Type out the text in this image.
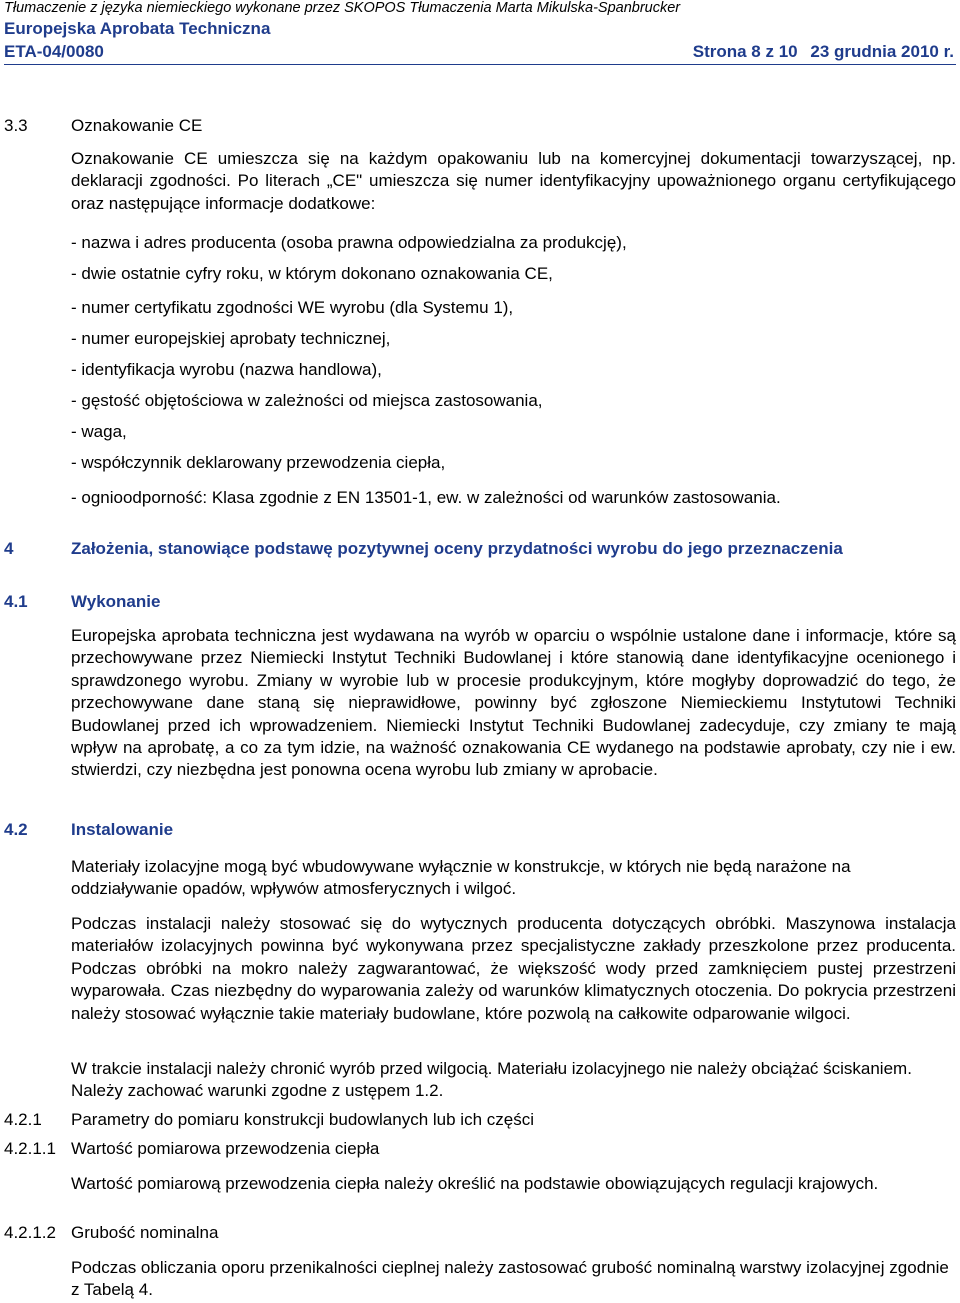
Tłumaczenie z języka niemieckiego wykonane przez SKOPOS Tłumaczenia Marta Mikulska-Spanbrucker
Europejska Aprobata Techniczna
ETA-04/0080	Strona 8 z 10 23 grudnia 2010 r.
3.3	Oznakowanie CE
Oznakowanie CE umieszcza się na każdym opakowaniu lub na komercyjnej dokumentacji towarzyszącej, np. deklaracji zgodności. Po literach „CE" umieszcza się numer identyfikacyjny upoważnionego organu certyfikującego oraz następujące informacje dodatkowe:
- nazwa i adres producenta (osoba prawna odpowiedzialna za produkcję),
- dwie ostatnie cyfry roku, w którym dokonano oznakowania CE,
- numer certyfikatu zgodności WE wyrobu (dla Systemu 1),
- numer europejskiej aprobaty technicznej,
- identyfikacja wyrobu (nazwa handlowa),
- gęstość objętościowa w zależności od miejsca zastosowania,
- waga,
- współczynnik deklarowany przewodzenia ciepła,
- ognioodporność: Klasa zgodnie z EN 13501-1, ew. w zależności od warunków zastosowania.
4	Założenia, stanowiące podstawę pozytywnej oceny przydatności wyrobu do jego przeznaczenia
4.1	Wykonanie
Europejska aprobata techniczna jest wydawana na wyrób w oparciu o wspólnie ustalone dane i informacje, które są przechowywane przez Niemiecki Instytut Techniki Budowlanej i które stanowią dane identyfikacyjne ocenionego i sprawdzonego wyrobu. Zmiany w wyrobie lub w procesie produkcyjnym, które mogłyby doprowadzić do tego, że przechowywane dane staną się nieprawidłowe, powinny być zgłoszone Niemieckiemu Instytutowi Techniki Budowlanej przed ich wprowadzeniem. Niemiecki Instytut Techniki Budowlanej zadecyduje, czy zmiany te mają wpływ na aprobatę, a co za tym idzie, na ważność oznakowania CE wydanego na podstawie aprobaty, czy nie i ew. stwierdzi, czy niezbędna jest ponowna ocena wyrobu lub zmiany w aprobacie.
4.2	Instalowanie
Materiały izolacyjne mogą być wbudowywane wyłącznie w konstrukcje, w których nie będą narażone na oddziaływanie opadów, wpływów atmosferycznych i wilgoć.
Podczas instalacji należy stosować się do wytycznych producenta dotyczących obróbki. Maszynowa instalacja materiałów izolacyjnych powinna być wykonywana przez specjalistyczne zakłady przeszkolone przez producenta. Podczas obróbki na mokro należy zagwarantować, że większość wody przed zamknięciem pustej przestrzeni wyparowała. Czas niezbędny do wyparowania zależy od warunków klimatycznych otoczenia. Do pokrycia przestrzeni należy stosować wyłącznie takie materiały budowlane, które pozwolą na całkowite odparowanie wilgoci.
W trakcie instalacji należy chronić wyrób przed wilgocią. Materiału izolacyjnego nie należy obciążać ściskaniem. Należy zachować warunki zgodne z ustępem 1.2.
4.2.1 Parametry do pomiaru konstrukcji budowlanych lub ich części
4.2.1.1 Wartość pomiarowa przewodzenia ciepła
Wartość pomiarową przewodzenia ciepła należy określić na podstawie obowiązujących regulacji krajowych.
4.2.1.2 Grubość nominalna
Podczas obliczania oporu przenikalności cieplnej należy zastosować grubość nominalną warstwy izolacyjnej zgodnie z Tabelą 4.
